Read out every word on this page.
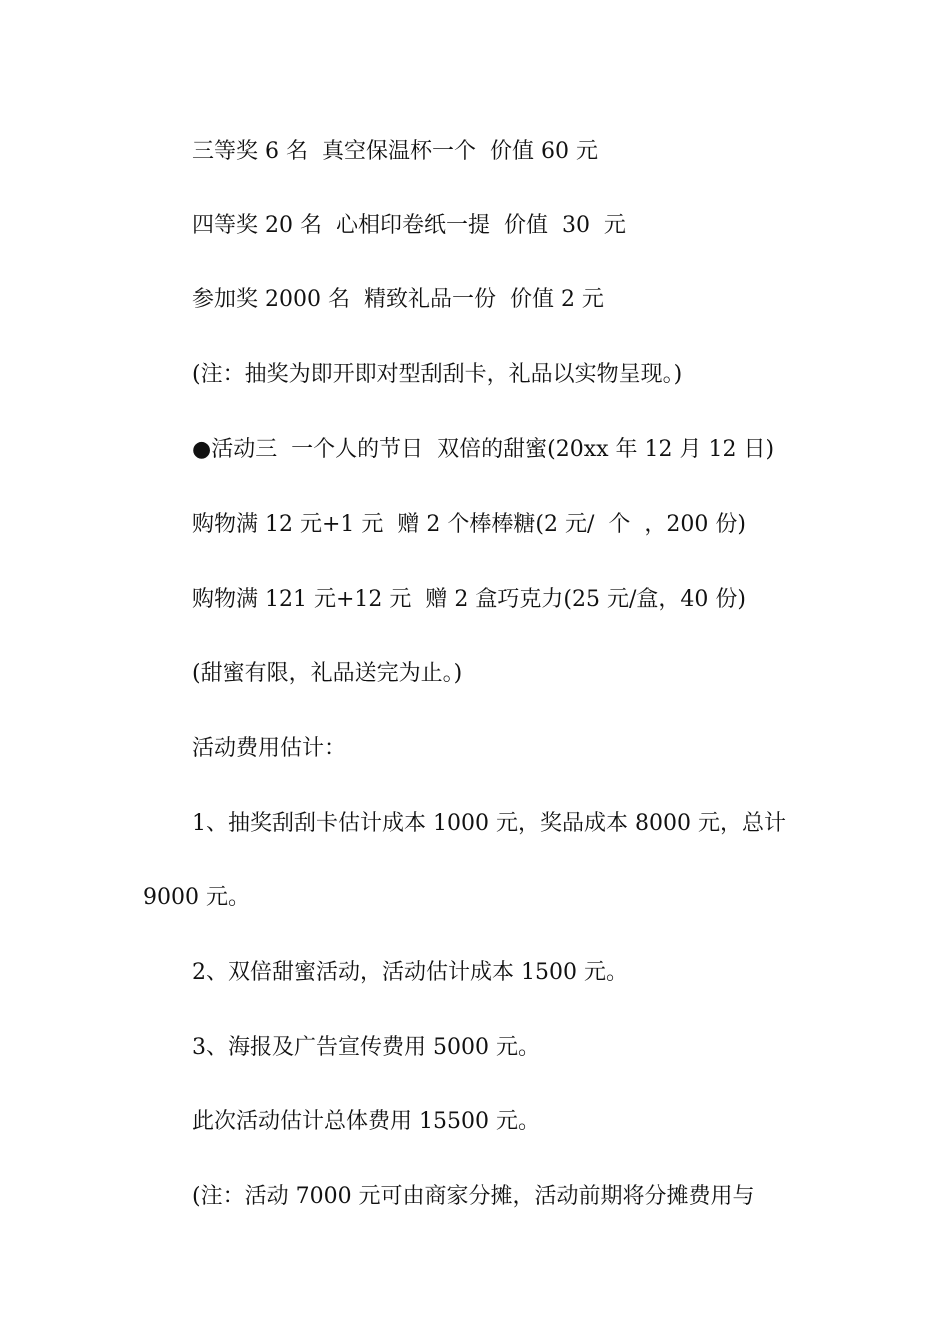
三等奖 6 名  真空保温杯一个  价值 60 元

四等奖 20 名  心相印卷纸一提  价值  30  元

参加奖 2000 名  精致礼品一份  价值 2 元

(注：抽奖为即开即对型刮刮卡，礼品以实物呈现。)

●活动三  一个人的节日  双倍的甜蜜(20xx 年 12 月 12 日)

购物满 12 元+1 元  赠 2 个棒棒糖(2 元/  个  ，200 份)

购物满 121 元+12 元  赠 2 盒巧克力(25 元/盒，40 份)

(甜蜜有限，礼品送完为止。)

活动费用估计：

1、抽奖刮刮卡估计成本 1000 元，奖品成本 8000 元，总计

9000 元。

2、双倍甜蜜活动，活动估计成本 1500 元。

3、海报及广告宣传费用 5000 元。

此次活动估计总体费用 15500 元。

(注：活动 7000 元可由商家分摊，活动前期将分摊费用与
